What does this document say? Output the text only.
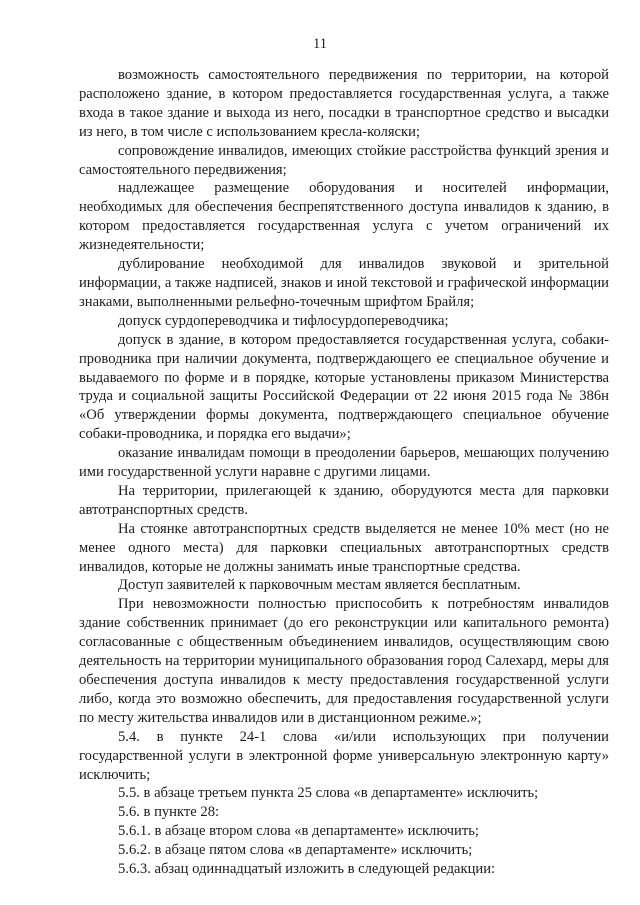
11

возможность самостоятельного передвижения по территории, на которой расположено здание, в котором предоставляется государственная услуга, а также входа в такое здание и выхода из него, посадки в транспортное средство и высадки из него, в том числе с использованием кресла-коляски;

сопровождение инвалидов, имеющих стойкие расстройства функций зрения и самостоятельного передвижения;

надлежащее размещение оборудования и носителей информации, необходимых для обеспечения беспрепятственного доступа инвалидов к зданию, в котором предоставляется государственная услуга с учетом ограничений их жизнедеятельности;

дублирование необходимой для инвалидов звуковой и зрительной информации, а также надписей, знаков и иной текстовой и графической информации знаками, выполненными рельефно-точечным шрифтом Брайля;

допуск сурдопереводчика и тифлосурдопереводчика;

допуск в здание, в котором предоставляется государственная услуга, собаки-проводника при наличии документа, подтверждающего ее специальное обучение и выдаваемого по форме и в порядке, которые установлены приказом Министерства труда и социальной защиты Российской Федерации от 22 июня 2015 года № 386н «Об утверждении формы документа, подтверждающего специальное обучение собаки-проводника, и порядка его выдачи»;

оказание инвалидам помощи в преодолении барьеров, мешающих получению ими государственной услуги наравне с другими лицами.

На территории, прилегающей к зданию, оборудуются места для парковки автотранспортных средств.

На стоянке автотранспортных средств выделяется не менее 10% мест (но не менее одного места) для парковки специальных автотранспортных средств инвалидов, которые не должны занимать иные транспортные средства.

Доступ заявителей к парковочным местам является бесплатным.

При невозможности полностью приспособить к потребностям инвалидов здание собственник принимает (до его реконструкции или капитального ремонта) согласованные с общественным объединением инвалидов, осуществляющим свою деятельность на территории муниципального образования город Салехард, меры для обеспечения доступа инвалидов к месту предоставления государственной услуги либо, когда это возможно обеспечить, для предоставления государственной услуги по месту жительства инвалидов или в дистанционном режиме.»;

5.4. в пункте 24-1 слова «и/или использующих при получении государственной услуги в электронной форме универсальную электронную карту» исключить;

5.5. в абзаце третьем пункта 25 слова «в департаменте» исключить;

5.6. в пункте 28:

5.6.1. в абзаце втором слова «в департаменте» исключить;

5.6.2. в абзаце пятом слова «в департаменте» исключить;

5.6.3. абзац одиннадцатый изложить в следующей редакции:
